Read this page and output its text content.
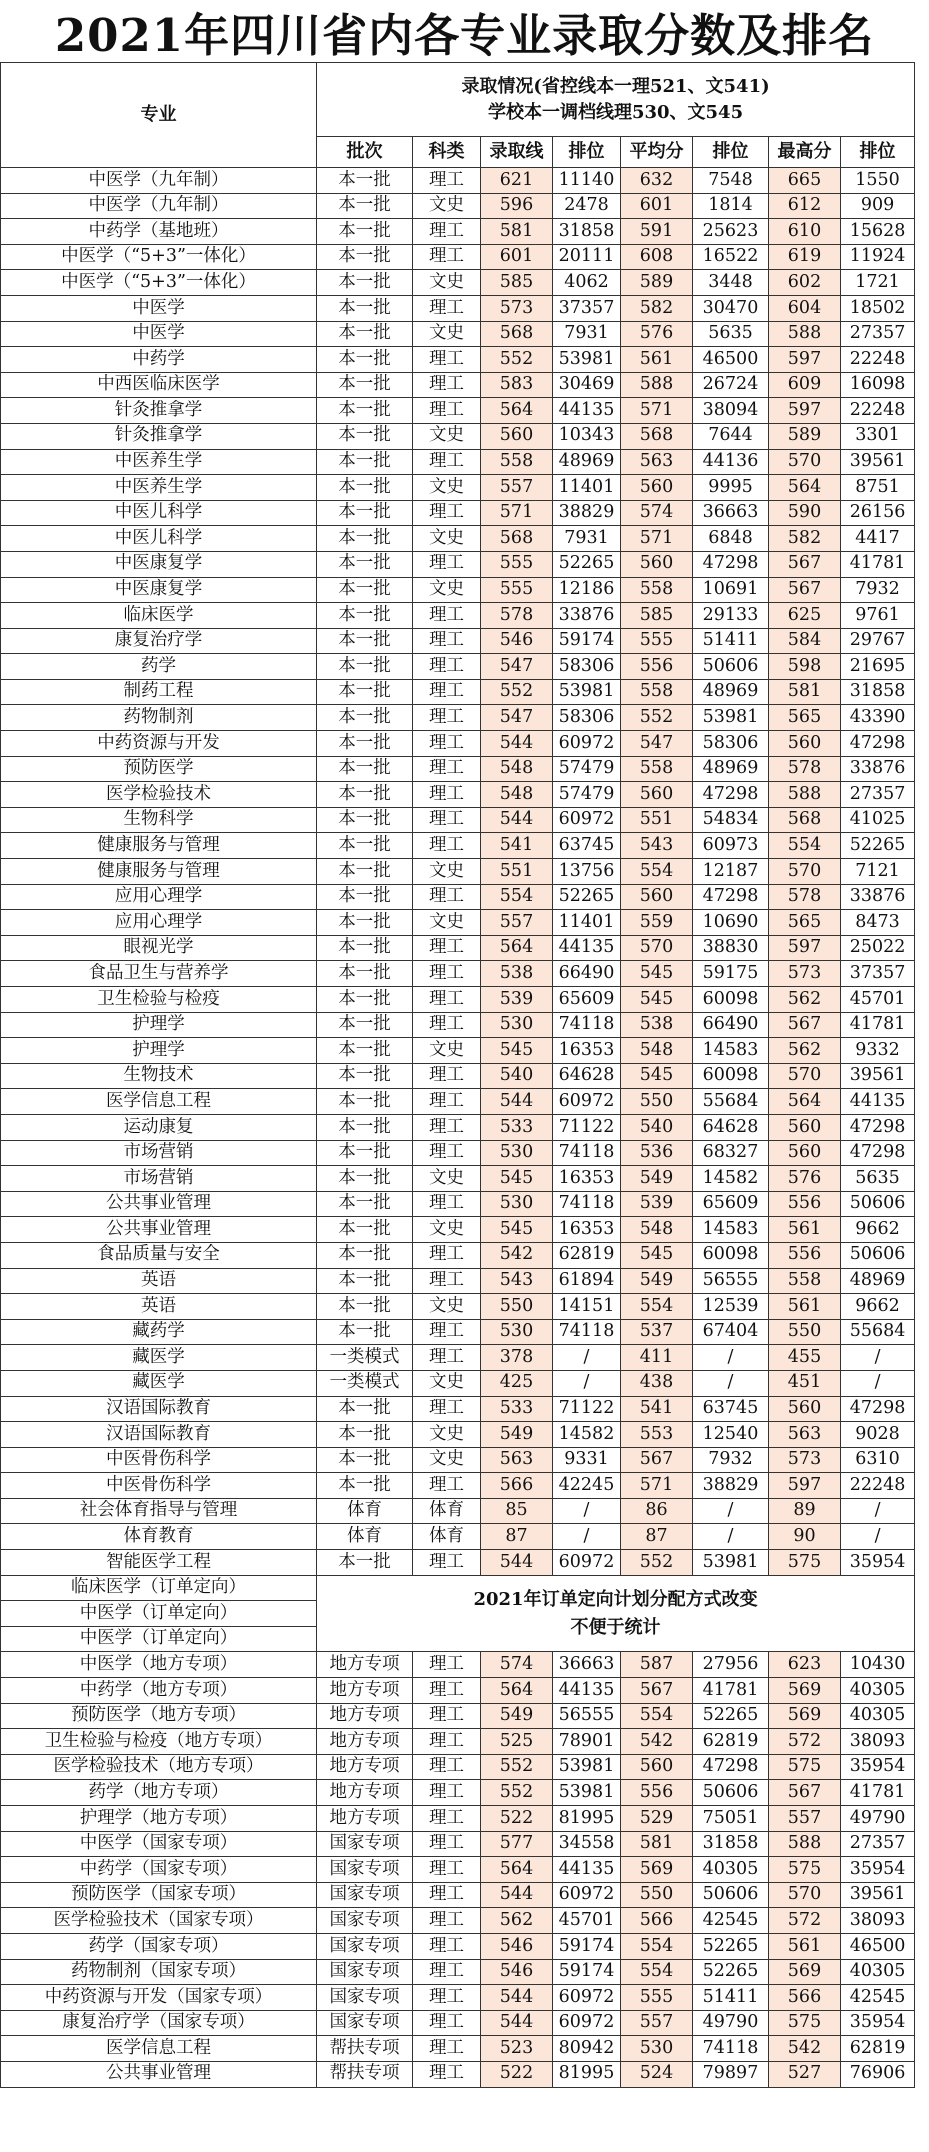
2021年四川省内各专业录取分数及排名
专业	录取情况(省控线本一理521、文541)
学校本一调档线理530、文545							

	批次	科类	录取线	排位	平均分	排位	最高分	排位
中医学（九年制）	本一批	理工	621	11140	632	7548	665	1550
中医学（九年制）	本一批	文史	596	2478	601	1814	612	909
中药学（基地班）	本一批	理工	581	31858	591	25623	610	15628
中医学（“5+3”一体化）	本一批	理工	601	20111	608	16522	619	11924
中医学（“5+3”一体化）	本一批	文史	585	4062	589	3448	602	1721
中医学	本一批	理工	573	37357	582	30470	604	18502
中医学	本一批	文史	568	7931	576	5635	588	27357
中药学	本一批	理工	552	53981	561	46500	597	22248
中西医临床医学	本一批	理工	583	30469	588	26724	609	16098
针灸推拿学	本一批	理工	564	44135	571	38094	597	22248
针灸推拿学	本一批	文史	560	10343	568	7644	589	3301
中医养生学	本一批	理工	558	48969	563	44136	570	39561
中医养生学	本一批	文史	557	11401	560	9995	564	8751
中医儿科学	本一批	理工	571	38829	574	36663	590	26156
中医儿科学	本一批	文史	568	7931	571	6848	582	4417
中医康复学	本一批	理工	555	52265	560	47298	567	41781
中医康复学	本一批	文史	555	12186	558	10691	567	7932
临床医学	本一批	理工	578	33876	585	29133	625	9761
康复治疗学	本一批	理工	546	59174	555	51411	584	29767
药学	本一批	理工	547	58306	556	50606	598	21695
制药工程	本一批	理工	552	53981	558	48969	581	31858
药物制剂	本一批	理工	547	58306	552	53981	565	43390
中药资源与开发	本一批	理工	544	60972	547	58306	560	47298
预防医学	本一批	理工	548	57479	558	48969	578	33876
医学检验技术	本一批	理工	548	57479	560	47298	588	27357
生物科学	本一批	理工	544	60972	551	54834	568	41025
健康服务与管理	本一批	理工	541	63745	543	60973	554	52265
健康服务与管理	本一批	文史	551	13756	554	12187	570	7121
应用心理学	本一批	理工	554	52265	560	47298	578	33876
应用心理学	本一批	文史	557	11401	559	10690	565	8473
眼视光学	本一批	理工	564	44135	570	38830	597	25022
食品卫生与营养学	本一批	理工	538	66490	545	59175	573	37357
卫生检验与检疫	本一批	理工	539	65609	545	60098	562	45701
护理学	本一批	理工	530	74118	538	66490	567	41781
护理学	本一批	文史	545	16353	548	14583	562	9332
生物技术	本一批	理工	540	64628	545	60098	570	39561
医学信息工程	本一批	理工	544	60972	550	55684	564	44135
运动康复	本一批	理工	533	71122	540	64628	560	47298
市场营销	本一批	理工	530	74118	536	68327	560	47298
市场营销	本一批	文史	545	16353	549	14582	576	5635
公共事业管理	本一批	理工	530	74118	539	65609	556	50606
公共事业管理	本一批	文史	545	16353	548	14583	561	9662
食品质量与安全	本一批	理工	542	62819	545	60098	556	50606
英语	本一批	理工	543	61894	549	56555	558	48969
英语	本一批	文史	550	14151	554	12539	561	9662
藏药学	本一批	理工	530	74118	537	67404	550	55684
藏医学	一类模式	理工	378	/	411	/	455	/
藏医学	一类模式	文史	425	/	438	/	451	/
汉语国际教育	本一批	理工	533	71122	541	63745	560	47298
汉语国际教育	本一批	文史	549	14582	553	12540	563	9028
中医骨伤科学	本一批	文史	563	9331	567	7932	573	6310
中医骨伤科学	本一批	理工	566	42245	571	38829	597	22248
社会体育指导与管理	体育	体育	85	/	86	/	89	/
体育教育	体育	体育	87	/	87	/	90	/
智能医学工程	本一批	理工	544	60972	552	53981	575	35954
临床医学（订单定向）	2021年订单定向计划分配方式改变
不便于统计							

中医学（订单定向）								
中医学（订单定向）								
中医学（地方专项）	地方专项	理工	574	36663	587	27956	623	10430
中药学（地方专项）	地方专项	理工	564	44135	567	41781	569	40305
预防医学（地方专项）	地方专项	理工	549	56555	554	52265	569	40305
卫生检验与检疫（地方专项）	地方专项	理工	525	78901	542	62819	572	38093
医学检验技术（地方专项）	地方专项	理工	552	53981	560	47298	575	35954
药学（地方专项）	地方专项	理工	552	53981	556	50606	567	41781
护理学（地方专项）	地方专项	理工	522	81995	529	75051	557	49790
中医学（国家专项）	国家专项	理工	577	34558	581	31858	588	27357
中药学（国家专项）	国家专项	理工	564	44135	569	40305	575	35954
预防医学（国家专项）	国家专项	理工	544	60972	550	50606	570	39561
医学检验技术（国家专项）	国家专项	理工	562	45701	566	42545	572	38093
药学（国家专项）	国家专项	理工	546	59174	554	52265	561	46500
药物制剂（国家专项）	国家专项	理工	546	59174	554	52265	569	40305
中药资源与开发（国家专项）	国家专项	理工	544	60972	555	51411	566	42545
康复治疗学（国家专项）	国家专项	理工	544	60972	557	49790	575	35954
医学信息工程	帮扶专项	理工	523	80942	530	74118	542	62819
公共事业管理	帮扶专项	理工	522	81995	524	79897	527	76906
